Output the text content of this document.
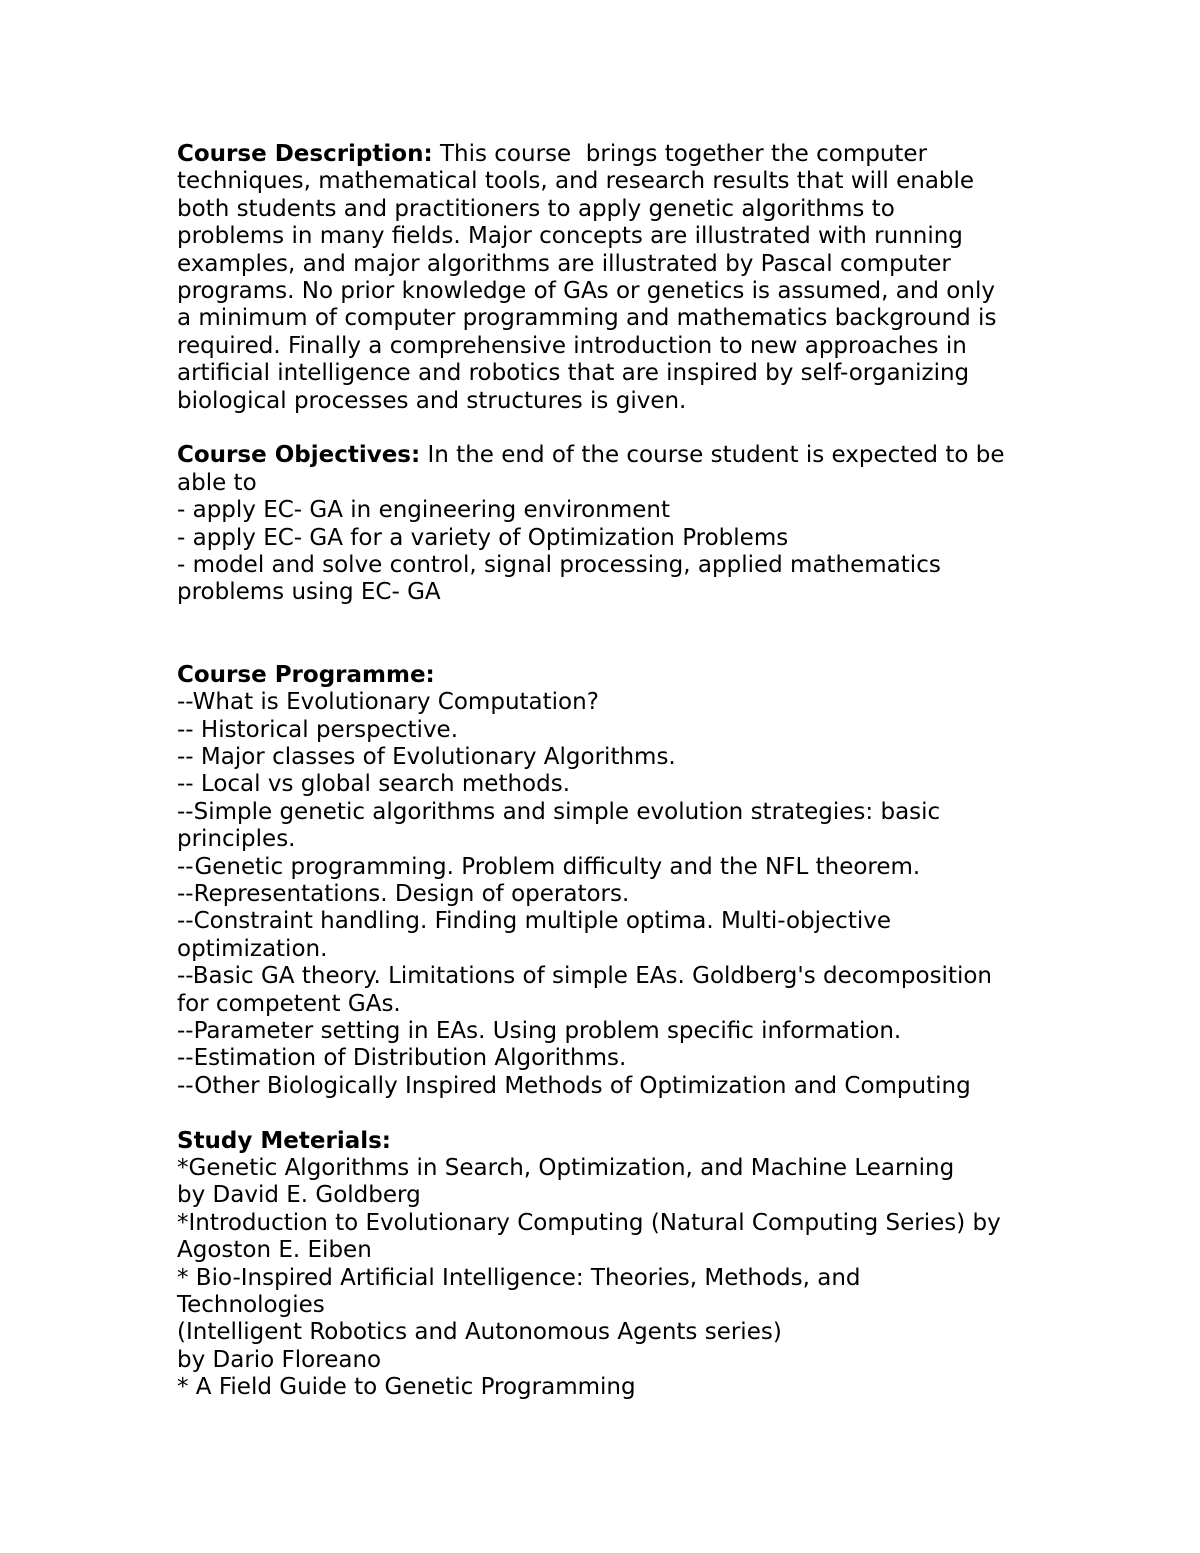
Course Description: This course  brings together the computer
techniques, mathematical tools, and research results that will enable
both students and practitioners to apply genetic algorithms to
problems in many fields. Major concepts are illustrated with running
examples, and major algorithms are illustrated by Pascal computer
programs. No prior knowledge of GAs or genetics is assumed, and only
a minimum of computer programming and mathematics background is
required. Finally a comprehensive introduction to new approaches in
artificial intelligence and robotics that are inspired by self-organizing
biological processes and structures is given.
Course Objectives: In the end of the course student is expected to be
able to
- apply EC- GA in engineering environment
- apply EC- GA for a variety of Optimization Problems
- model and solve control, signal processing, applied mathematics
problems using EC- GA
Course Programme:
--What is Evolutionary Computation?
-- Historical perspective.
-- Major classes of Evolutionary Algorithms.
-- Local vs global search methods.
--Simple genetic algorithms and simple evolution strategies: basic
principles.
--Genetic programming. Problem difficulty and the NFL theorem.
--Representations. Design of operators.
--Constraint handling. Finding multiple optima. Multi-objective
optimization.
--Basic GA theory. Limitations of simple EAs. Goldberg's decomposition
for competent GAs.
--Parameter setting in EAs. Using problem specific information.
--Estimation of Distribution Algorithms.
--Other Biologically Inspired Methods of Optimization and Computing
Study Meterials:
*Genetic Algorithms in Search, Optimization, and Machine Learning
by David E. Goldberg
*Introduction to Evolutionary Computing (Natural Computing Series) by
Agoston E. Eiben
* Bio-Inspired Artificial Intelligence: Theories, Methods, and
Technologies
(Intelligent Robotics and Autonomous Agents series)
by Dario Floreano
* A Field Guide to Genetic Programming
